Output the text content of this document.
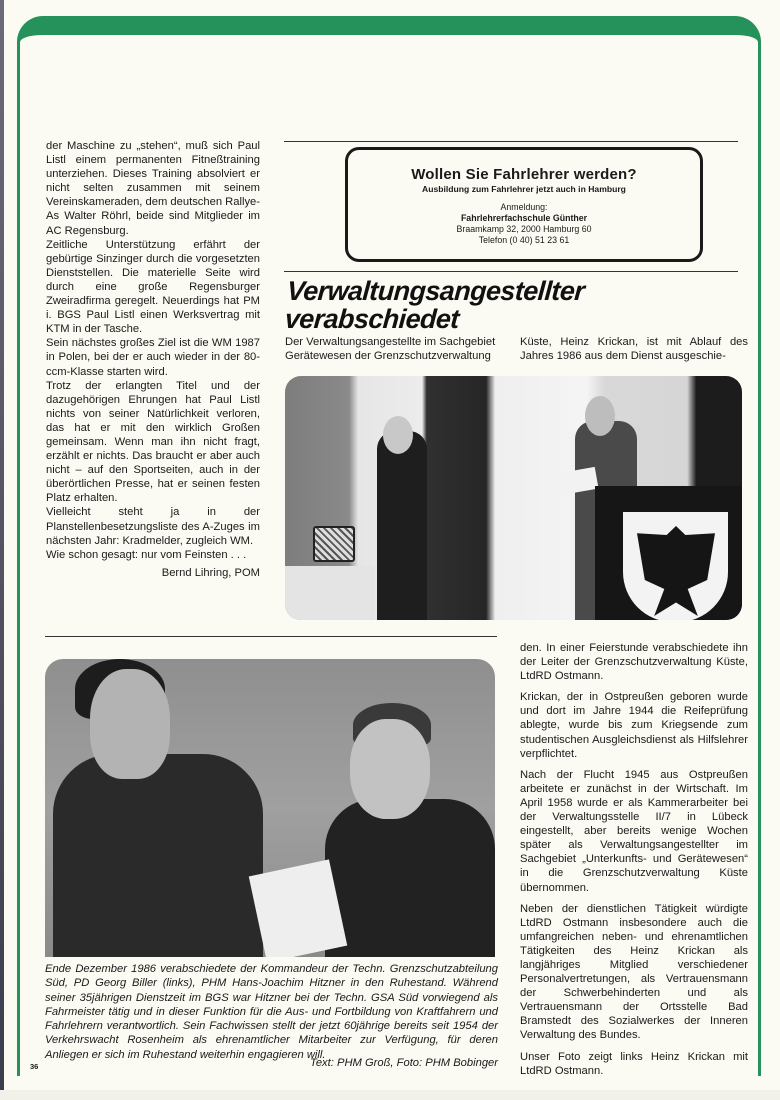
der Maschine zu „stehen“, muß sich Paul Listl einem permanenten Fitneßtraining unterziehen. Dieses Training absolviert er nicht selten zusammen mit seinem Vereinskameraden, dem deutschen Rallye-As Walter Röhrl, beide sind Mitglieder im AC Regensburg.

Zeitliche Unterstützung erfährt der gebürtige Sinzinger durch die vorgesetzten Dienststellen. Die materielle Seite wird durch eine große Regensburger Zweiradfirma geregelt. Neuerdings hat PM i. BGS Paul Listl einen Werksvertrag mit KTM in der Tasche.

Sein nächstes großes Ziel ist die WM 1987 in Polen, bei der er auch wieder in der 80-ccm-Klasse starten wird.

Trotz der erlangten Titel und der dazugehörigen Ehrungen hat Paul Listl nichts von seiner Natürlichkeit verloren, das hat er mit den wirklich Großen gemeinsam. Wenn man ihn nicht fragt, erzählt er nichts. Das braucht er aber auch nicht – auf den Sportseiten, auch in der überörtlichen Presse, hat er seinen festen Platz erhalten.

Vielleicht steht ja in der Planstellenbesetzungsliste des A-Zuges im nächsten Jahr: Kradmelder, zugleich WM.

Wie schon gesagt: nur vom Feinsten . . .

Bernd Lihring, POM

Wollen Sie Fahrlehrer werden?
Ausbildung zum Fahrlehrer jetzt auch in Hamburg
Anmeldung:
Fahrlehrerfachschule Günther
Braamkamp 32, 2000 Hamburg 60
Telefon (0 40) 51 23 61
Verwaltungsangestellter
verabschiedet
Der Verwaltungsangestellte im Sachgebiet Gerätewesen der Grenzschutzverwaltung
Küste, Heinz Krickan, ist mit Ablauf des Jahres 1986 aus dem Dienst ausgeschie-
Ende Dezember 1986 verabschiedete der Kommandeur der Techn. Grenzschutzabteilung Süd, PD Georg Biller (links), PHM Hans-Joachim Hitzner in den Ruhestand. Während seiner 35jährigen Dienstzeit im BGS war Hitzner bei der Techn. GSA Süd vorwiegend als Fahrmeister tätig und in dieser Funktion für die Aus- und Fortbildung von Kraftfahrern und Fahrlehrern verantwortlich. Sein Fachwissen stellt der jetzt 60jährige bereits seit 1954 der Verkehrswacht Rosenheim als ehrenamtlicher Mitarbeiter zur Verfügung, für deren Anliegen er sich im Ruhestand weiterhin engagieren will.
Text: PHM Groß, Foto: PHM Bobinger
36

den. In einer Feierstunde verabschiedete ihn der Leiter der Grenzschutzverwaltung Küste, LtdRD Ostmann.

Krickan, der in Ostpreußen geboren wurde und dort im Jahre 1944 die Reifeprüfung ablegte, wurde bis zum Kriegsende zum studentischen Ausgleichsdienst als Hilfslehrer verpflichtet.

Nach der Flucht 1945 aus Ostpreußen arbeitete er zunächst in der Wirtschaft. Im April 1958 wurde er als Kammerarbeiter bei der Verwaltungsstelle II/7 in Lübeck eingestellt, aber bereits wenige Wochen später als Verwaltungsangestellter im Sachgebiet „Unterkunfts- und Gerätewesen“ in die Grenzschutzverwaltung Küste übernommen.

Neben der dienstlichen Tätigkeit würdigte LtdRD Ostmann insbesondere auch die umfangreichen neben- und ehrenamtlichen Tätigkeiten des Heinz Krickan als langjähriges Mitglied verschiedener Personalvertretungen, als Vertrauensmann der Schwerbehinderten und als Vertrauensmann der Ortsstelle Bad Bramstedt des Sozialwerkes der Inneren Verwaltung des Bundes.

Unser Foto zeigt links Heinz Krickan mit LtdRD Ostmann.
